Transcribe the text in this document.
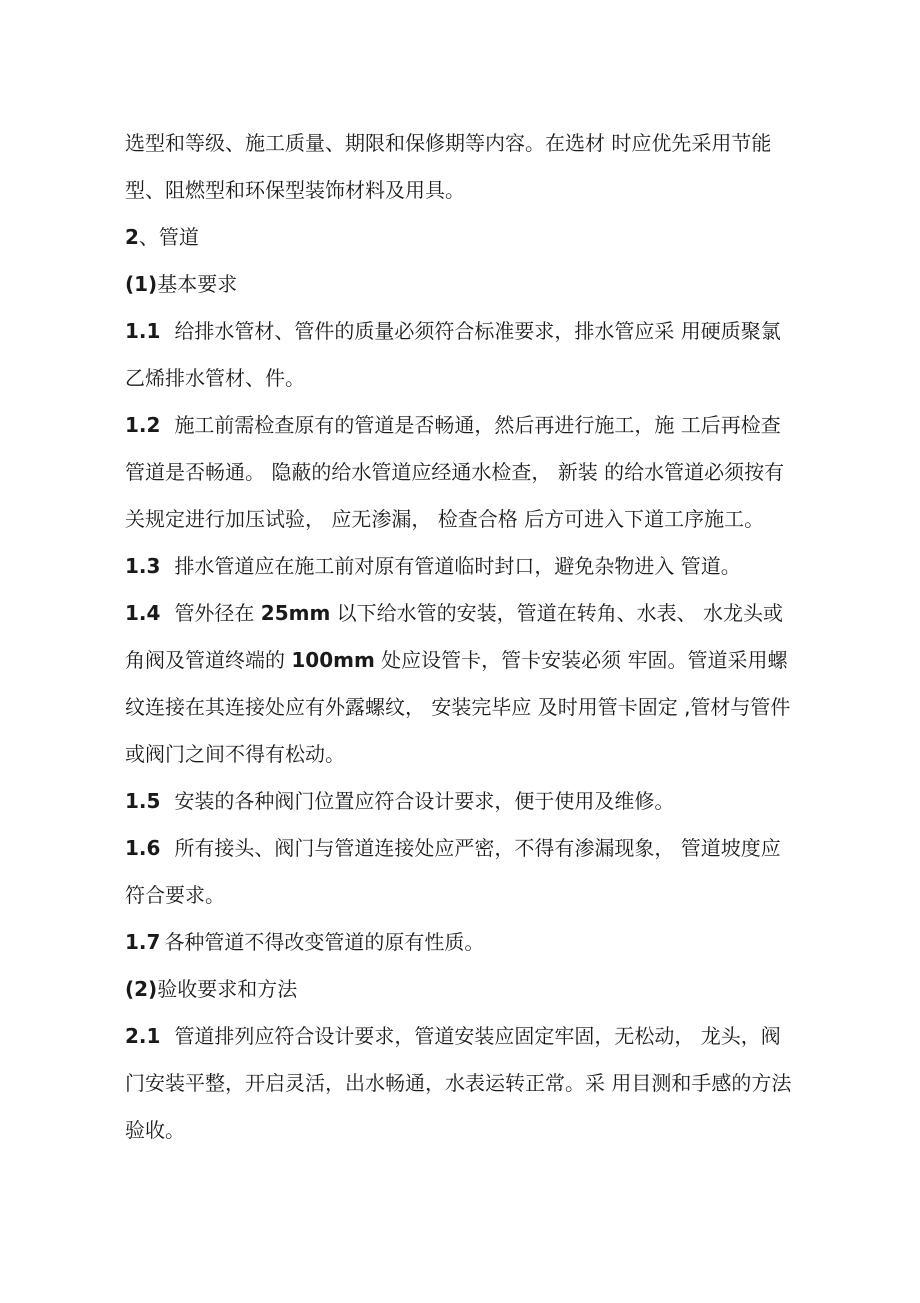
选型和等级、施工质量、期限和保修期等内容。在选材 时应优先采用节能型、阻燃型和环保型装饰材料及用具。

2、管道

(1)基本要求

1.1 给排水管材、管件的质量必须符合标准要求，排水管应采 用硬质聚氯乙烯排水管材、件。

1.2 施工前需检查原有的管道是否畅通，然后再进行施工，施 工后再检查管道是否畅通。 隐蔽的给水管道应经通水检查， 新装 的给水管道必须按有关规定进行加压试验， 应无渗漏， 检查合格 后方可进入下道工序施工。

1.3 排水管道应在施工前对原有管道临时封口，避免杂物进入 管道。

1.4 管外径在 25mm 以下给水管的安装，管道在转角、水表、 水龙头或角阀及管道终端的 100mm 处应设管卡，管卡安装必须 牢固。管道采用螺纹连接在其连接处应有外露螺纹， 安装完毕应 及时用管卡固定 ,管材与管件或阀门之间不得有松动。

1.5 安装的各种阀门位置应符合设计要求，便于使用及维修。

1.6 所有接头、阀门与管道连接处应严密，不得有渗漏现象， 管道坡度应符合要求。

1.7 各种管道不得改变管道的原有性质。

(2)验收要求和方法

2.1 管道排列应符合设计要求，管道安装应固定牢固，无松动， 龙头，阀门安装平整，开启灵活，出水畅通，水表运转正常。采 用目测和手感的方法验收。
